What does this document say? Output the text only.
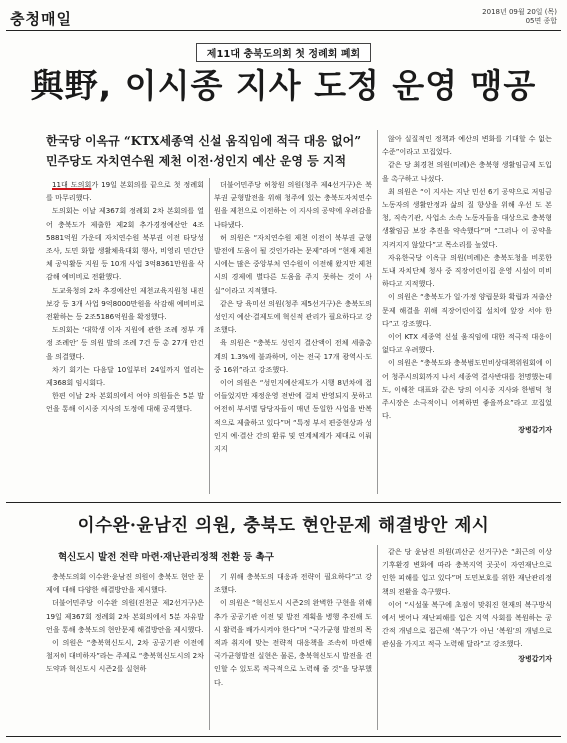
충청매일	2018년 09월 20일 (목)
05면 종합
제11대 충북도의회 첫 정례회 폐회
與野, 이시종 지사 도정 운영 맹공
한국당 이옥규 “KTX세종역 신설 움직임에 적극 대응 없어”
민주당도 자치연수원 제천 이전·성인지 예산 운영 등 지적

11대 도의회가 19일 본회의를 끝으로 첫 정례회를 마무리했다.

도의회는 이날 제367회 정례회 2차 본회의를 열어 충북도가 제출한 제2회 추가경정예산안 4조5881억원 가운데 자치연수원 북부권 이전 타당성 조사, 도민 화합 생활체육대회 행사, 비영리 민간단체 공익활동 지원 등 10개 사업 3억8361만원을 삭감해 예비비로 전환했다.

도교육청의 2차 추경예산인 제천교육지원청 내진 보강 등 3개 사업 9억8000만원을 삭감해 예비비로 전환하는 등 2조5186억원을 확정했다.

도의회는 ‘대학생 이자 지원에 관한 조례 정부 개정 조례안’ 등 의원 발의 조례 7건 등 총 27개 안건을 의결했다.

차기 회기는 다음달 10일부터 24일까지 열리는 제368회 임시회다.

한편 이날 2차 본회의에서 여야 의원들은 5분 발언을 통해 이시종 지사의 도정에 대해 공격했다.

더불어민주당 허창원 의원(청주 제4선거구)은 북부권 균형발전을 위해 청주에 있는 충북도자치연수원을 제천으로 이전하는 이 지사의 공약에 우려감을 나타냈다.

허 의원은 “자치연수원 제천 이전이 북부권 균형발전에 도움이 될 것인가라는 문제”라며 “현재 제천시에는 많은 중앙부처 연수원이 이전해 왔지만 제천시의 경제에 별다른 도움을 주지 못하는 것이 사실”이라고 지적했다.

같은 당 육미선 의원(청주 제5선거구)은 충북도의 성인지 예산·결제도에 혁신적 관리가 필요하다고 강조했다.

육 의원은 “충북도 성인지 결산액이 전체 세출총계의 1.3%에 불과하며, 이는 전국 17개 광역시·도 중 16위”라고 강조했다.

이어 의원은 “성인지예산제도가 시행 8년차에 접어들었지만 재정운영 전반에 걸쳐 반영되지 못하고 여전히 부서별 담당자들이 매년 동일한 사업을 반복적으로 제출하고 있다”며 “특정 부서 편중현상과 성인지 예·결산 간의 환류 및 연계체계가 제대로 이뤄지지

않아 실질적인 정책과 예산의 변화를 기대할 수 없는 수준”이라고 꼬집었다.

같은 당 최경천 의원(비례)은 충북형 생활임금제 도입을 촉구하고 나섰다.

최 의원은 “이 지사는 지난 민선 6기 공약으로 저임금 노동자의 생활안정과 삶의 질 향상을 위해 우선 도 본청, 직속기관, 사업소 소속 노동자들을 대상으로 충북형 생활임금 보장 추진을 약속했다”며 “그러나 이 공약을 지켜지지 않았다”고 목소리를 높였다.

자유한국당 이옥규 의원(비례)은 충북도청을 비롯한 도내 자치단체 청사 중 직장어린이집 운영 시설이 미비하다고 지적했다.

이 의원은 “충북도가 일·가정 양립문화 확립과 저출산 문제 해결을 위해 직장어린이집 설치에 앞장 서야 한다”고 강조했다.

이어 KTX 세종역 신설 움직임에 대한 적극적 대응이 없다고 우려했다.

이 의원은 “충북도와 충북범도민비상대책위원회에 이어 청주시의회까지 나서 세종역 결사반대를 천명했는데도, 이해찬 대표와 같은 당의 이시종 지사와 한범덕 청주시장은 소극적이니 어찌하면 좋을까요”라고 꼬집었다.

장병갑기자
이수완·윤남진 의원, 충북도 현안문제 해결방안 제시
혁신도시 발전 전략 마련·재난관리정책 전환 등 촉구

충북도의회 이수완·윤남진 의원이 충북도 현안 문제에 대해 다양한 해결방안을 제시했다.

더불어민주당 이수완 의원(진천군 제2선거구)은 19일 제367회 정례회 2차 본회의에서 5분 자유발언을 통해 충북도의 현안문제 해결방안을 제시했다.

이 의원은 “충북혁신도시, 2차 공공기관 이전에 철저히 대비하자”라는 주제로 “충북혁신도시의 2차 도약과 혁신도시 시즌2를 실현하

기 위해 충북도의 대응과 전략이 필요하다”고 강조했다.

이 의원은 “혁신도시 시즌2의 완벽한 구현을 위해 추가 공공기관 이전 및 발전 계획을 병행 추진해 도시 활력을 배가시켜야 한다”며 “국가균형 발전의 목적과 취지에 맞는 전략적 대응책을 조속히 마련해 국가균형발전 실현은 물론, 충북혁신도시 발전을 견인할 수 있도록 적극적으로 노력해 줄 것”을 당부했다.

같은 당 윤남진 의원(괴산군 선거구)은 “최근의 이상 기후환경 변화에 따라 충북지역 곳곳이 자연재난으로 인한 피해를 입고 있다”며 도민보호를 위한 재난관리정책의 전환을 촉구했다.

이어 “시설물 복구에 초점이 맞춰진 현재의 복구방식에서 벗어나 재난피해를 입은 지역 사회를 복원하는 공간적 개념으로 접근해 ‘복구’가 아닌 ‘복원’의 개념으로 관심을 가지고 적극 노력해 달라”고 강조했다.

장병갑기자
